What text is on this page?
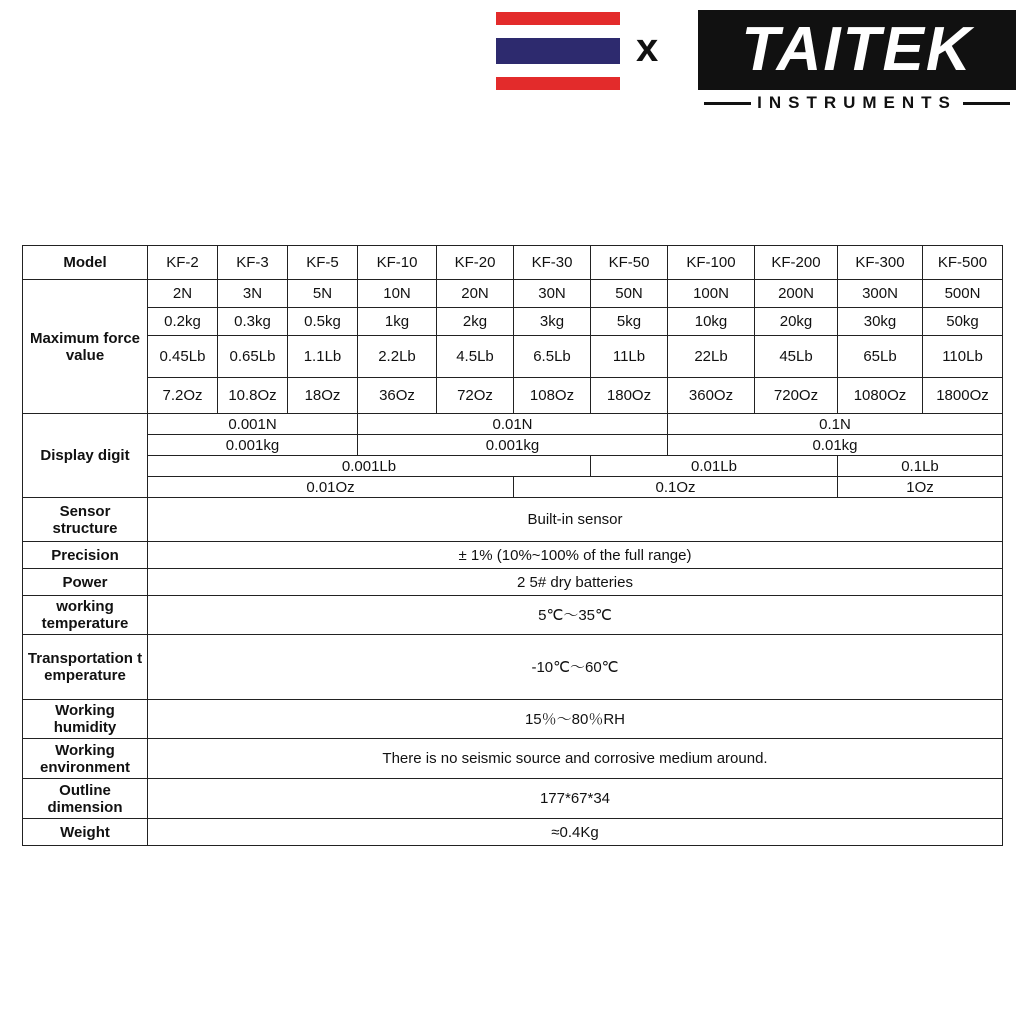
x TAITEK
INSTRUMENTS
Model	KF-2	KF-3	KF-5	KF-10	KF-20	KF-30	KF-50	KF-100	KF-200	KF-300	KF-500
Maximum force value	2N	3N	5N	10N	20N	30N	50N	100N	200N	300N	500N
	0.2kg	0.3kg	0.5kg	1kg	2kg	3kg	5kg	10kg	20kg	30kg	50kg
	0.45Lb	0.65Lb	1.1Lb	2.2Lb	4.5Lb	6.5Lb	11Lb	22Lb	45Lb	65Lb	110Lb
	7.2Oz	10.8Oz	18Oz	36Oz	72Oz	108Oz	180Oz	360Oz	720Oz	1080Oz	1800Oz
Display digit	0.001N			0.01N				0.1N			
	0.001kg			0.001kg				0.01kg			
	0.001Lb						0.01Lb			0.1Lb	
	0.01Oz					0.1Oz				1Oz	
Sensor structure	Built-in sensor										
Precision	± 1% (10%~100% of the full range)										
Power	2 5# dry batteries										
working temperature	5℃～35℃										
Transportation temperature	-10℃～60℃										
Working humidity	15％～80％RH										
Working environment	There is no seismic source and corrosive medium around.										
Outline dimension	177*67*34										
Weight	≈0.4Kg										
